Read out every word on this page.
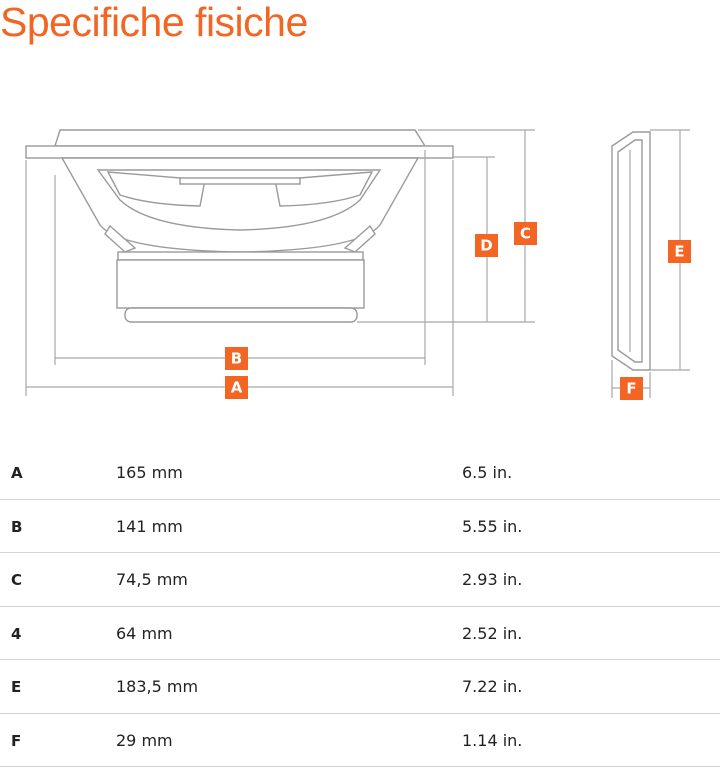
Specifiche fisiche
B
A
D
C
E
F
A	165 mm	6.5 in.
B	141 mm	5.55 in.
C	74,5 mm	2.93 in.
4	64 mm	2.52 in.
E	183,5 mm	7.22 in.
F	29 mm	1.14 in.
